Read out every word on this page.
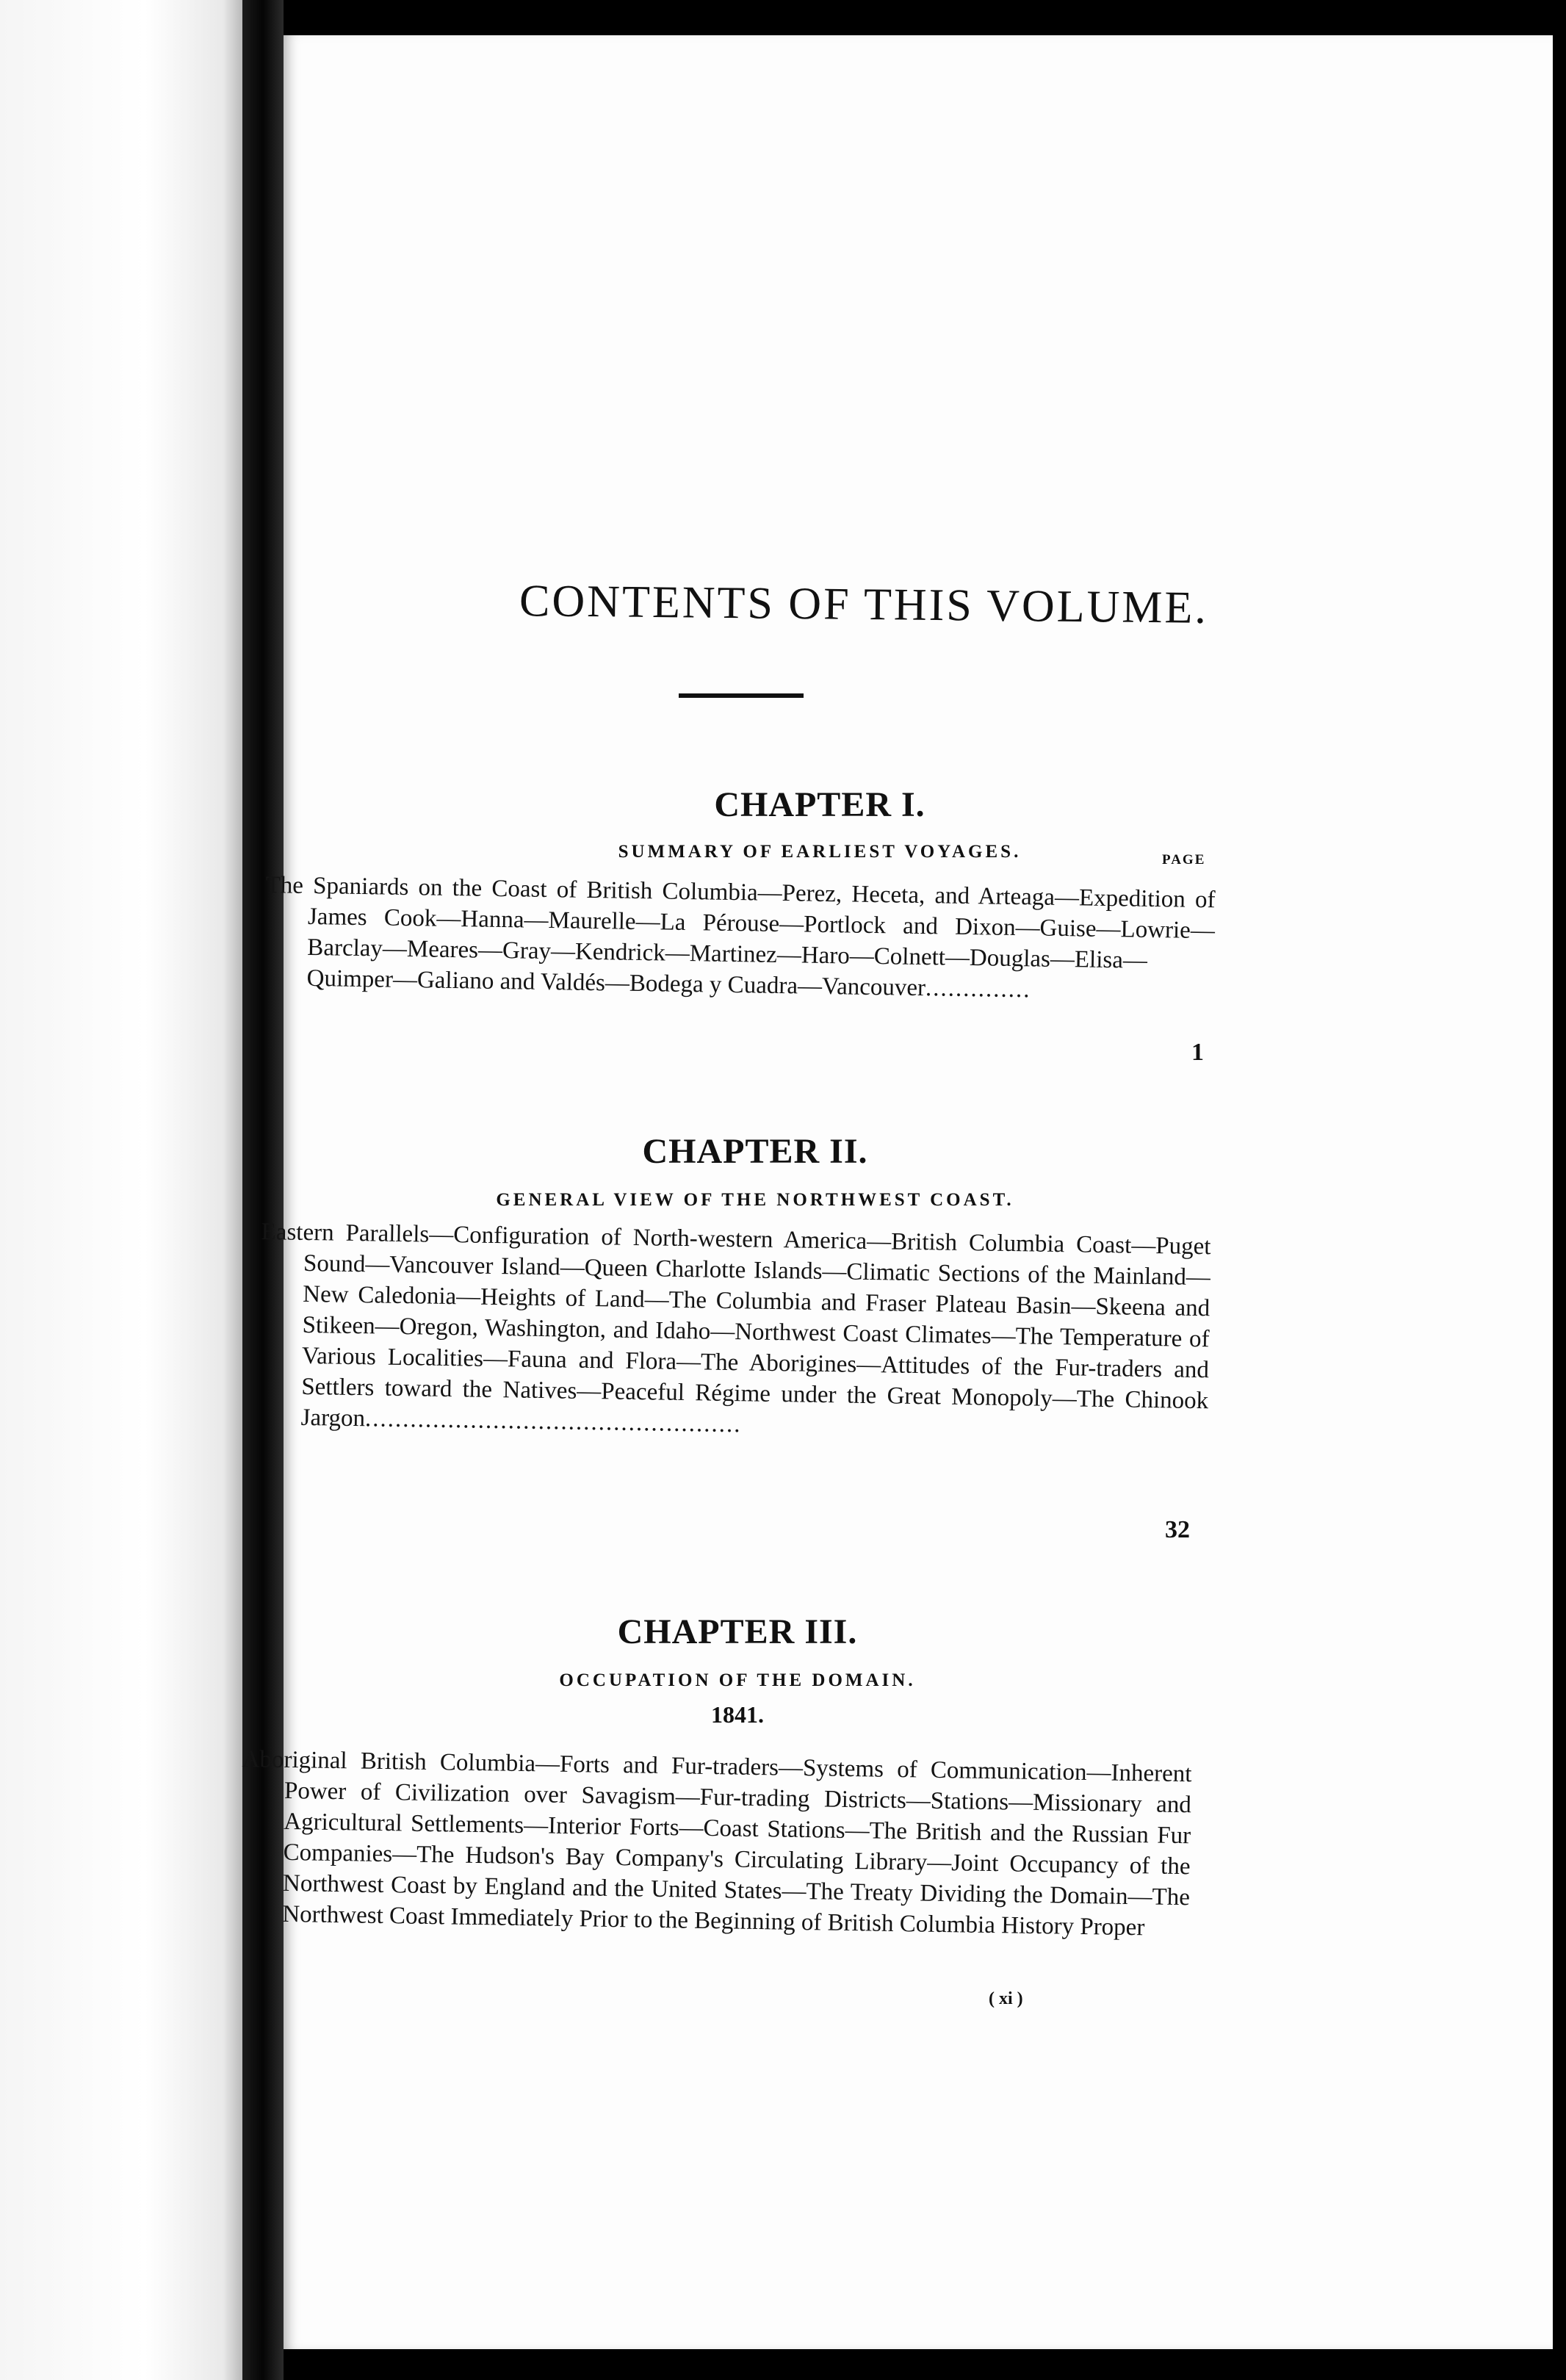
CONTENTS OF THIS VOLUME.
CHAPTER I.
SUMMARY OF EARLIEST VOYAGES.	PAGE
The Spaniards on the Coast of British Columbia—Perez, Heceta, and Arteaga—Expedition of James Cook—Hanna—Maurelle—La Pérouse—Portlock and Dixon—Guise—Lowrie—Barclay—Meares—Gray—Kendrick—Martinez—Haro—Colnett—Douglas—Elisa—Quimper—Galiano and Valdés—Bodega y Cuadra—Vancouver..............
1
CHAPTER II.
GENERAL VIEW OF THE NORTHWEST COAST.
Eastern Parallels—Configuration of North-western America—British Columbia Coast—Puget Sound—Vancouver Island—Queen Charlotte Islands—Climatic Sections of the Mainland—New Caledonia—Heights of Land—The Columbia and Fraser Plateau Basin—Skeena and Stikeen—Oregon, Washington, and Idaho—Northwest Coast Climates—The Temperature of Various Localities—Fauna and Flora—The Aborigines—Attitudes of the Fur-traders and Settlers toward the Natives—Peaceful Régime under the Great Monopoly—The Chinook Jargon..................................................
32
CHAPTER III.
OCCUPATION OF THE DOMAIN.
1841.
Aboriginal British Columbia—Forts and Fur-traders—Systems of Communication—Inherent Power of Civilization over Savagism—Fur-trading Districts—Stations—Missionary and Agricultural Settlements—Interior Forts—Coast Stations—The British and the Russian Fur Companies—The Hudson's Bay Company's Circulating Library—Joint Occupancy of the Northwest Coast by England and the United States—The Treaty Dividing the Domain—The Northwest Coast Immediately Prior to the Beginning of British Columbia History Proper
( xi )
